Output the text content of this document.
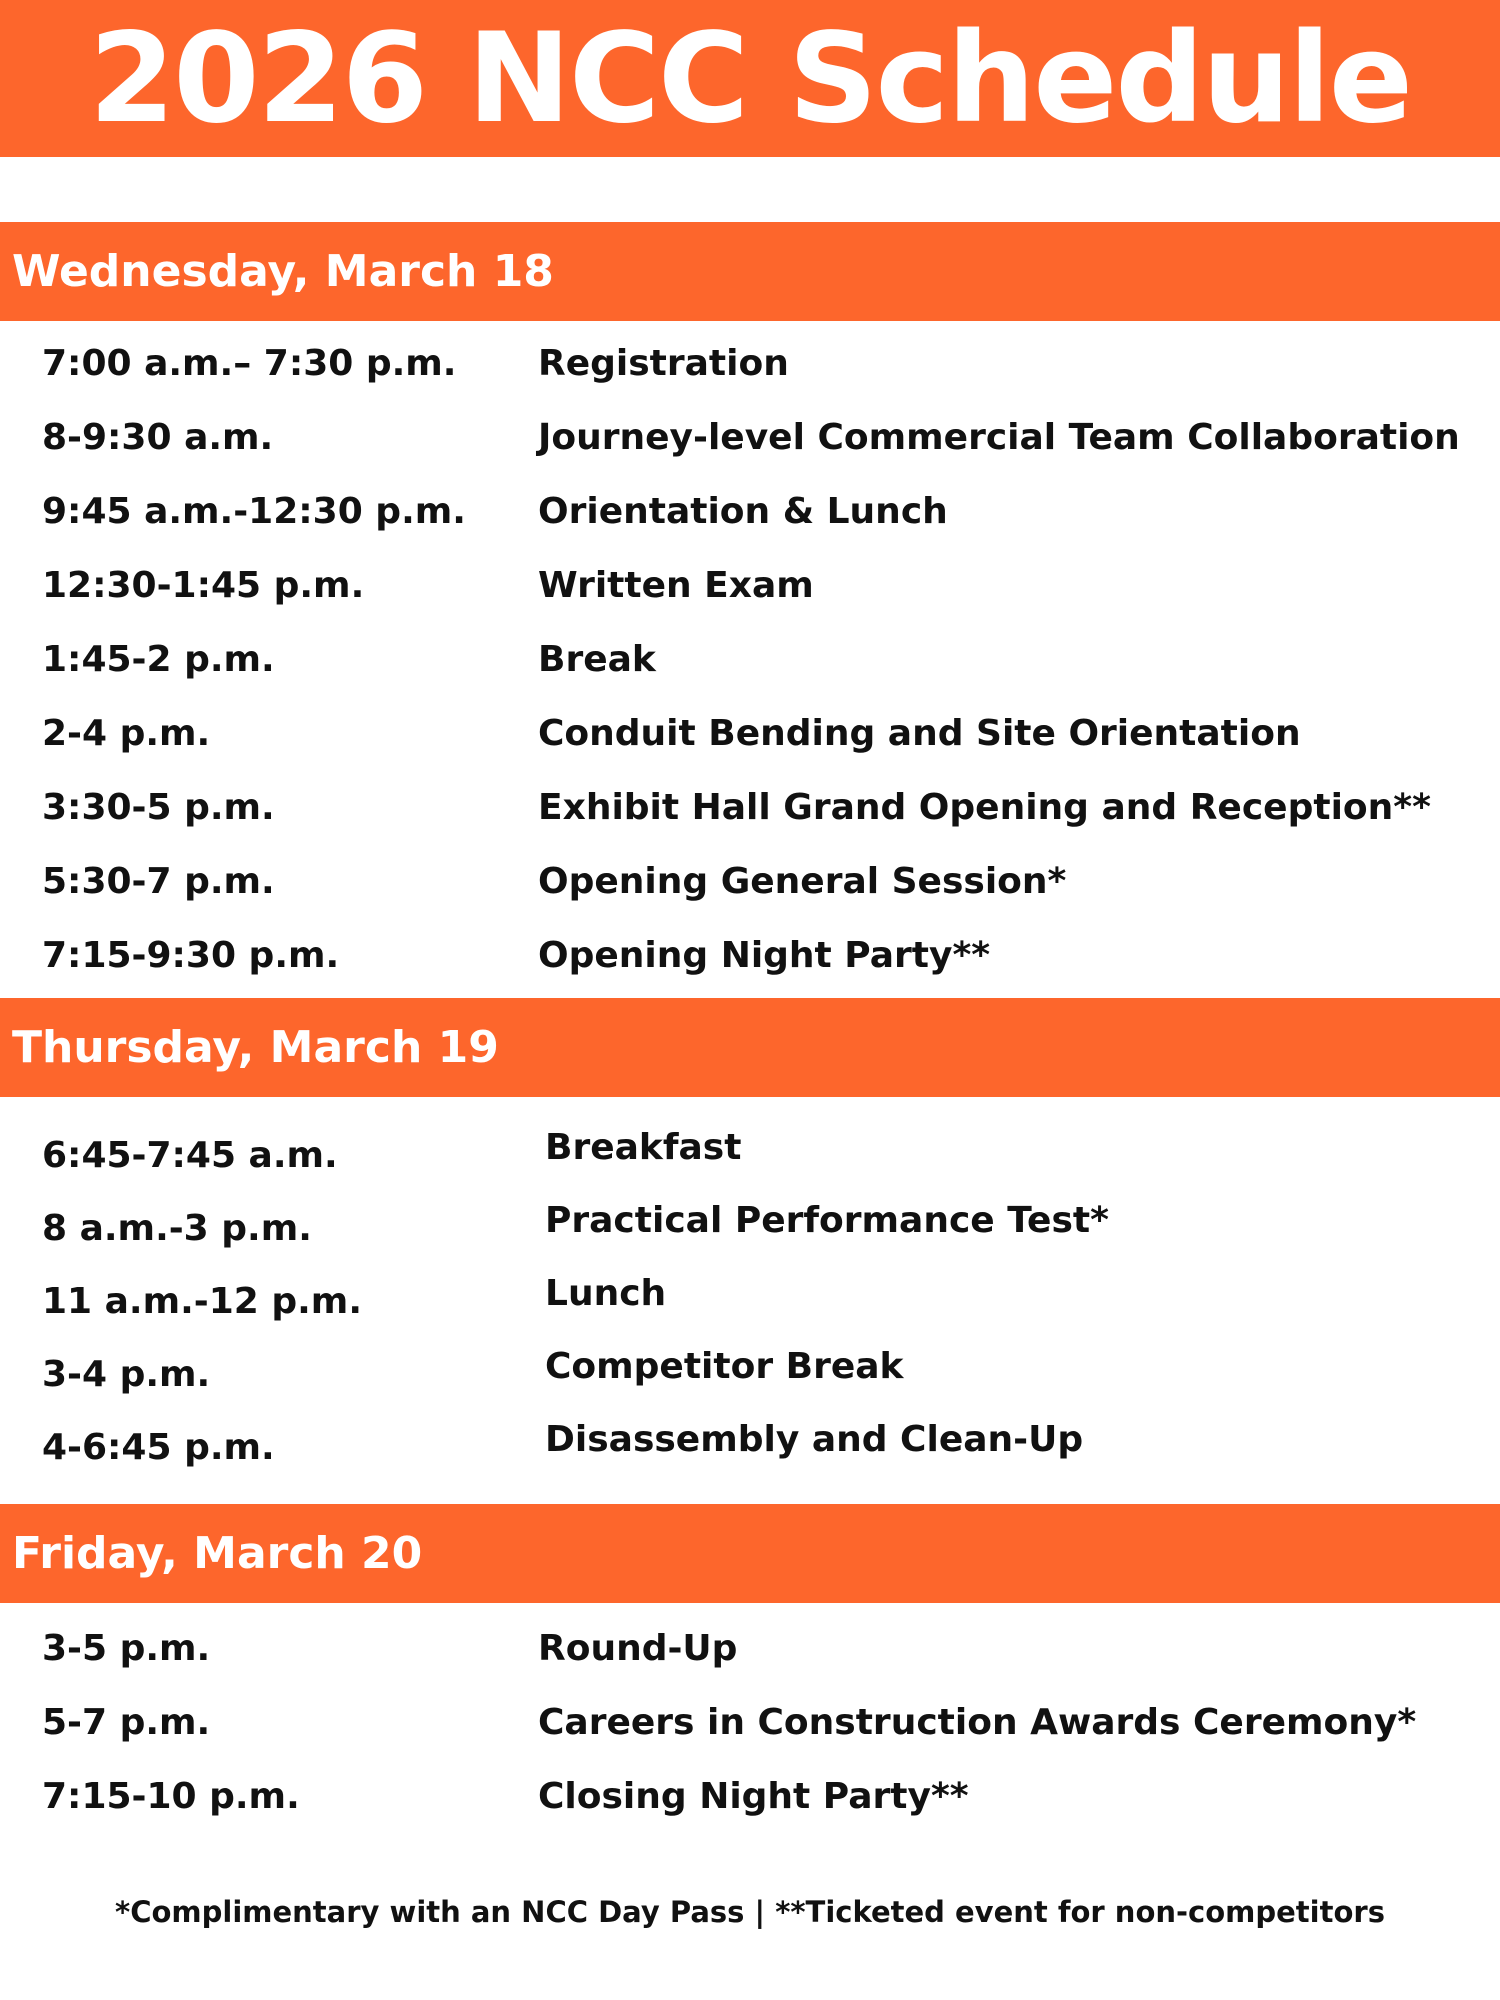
2026 NCC Schedule
Wednesday, March 18
7:00 a.m.– 7:30 p.m. Registration
8-9:30 a.m.	Journey-level Commercial Team Collaboration
9:45 a.m.-12:30 p.m. Orientation & Lunch
12:30-1:45 p.m.	Written Exam
1:45-2 p.m.	Break
2-4 p.m.	Conduit Bending and Site Orientation
3:30-5 p.m.	Exhibit Hall Grand Opening and Reception**
5:30-7 p.m.	Opening General Session*
7:15-9:30 p.m.	Opening Night Party**
Thursday, March 19
6:45-7:45 a.m.	Breakfast
8 a.m.-3 p.m.	Practical Performance Test*
11 a.m.-12 p.m.	Lunch
3-4 p.m.	Competitor Break
4-6:45 p.m.	Disassembly and Clean-Up
Friday, March 20
3-5 p.m.	Round-Up
5-7 p.m.	Careers in Construction Awards Ceremony*
7:15-10 p.m.	Closing Night Party**
*Complimentary with an NCC Day Pass | **Ticketed event for non-competitors
